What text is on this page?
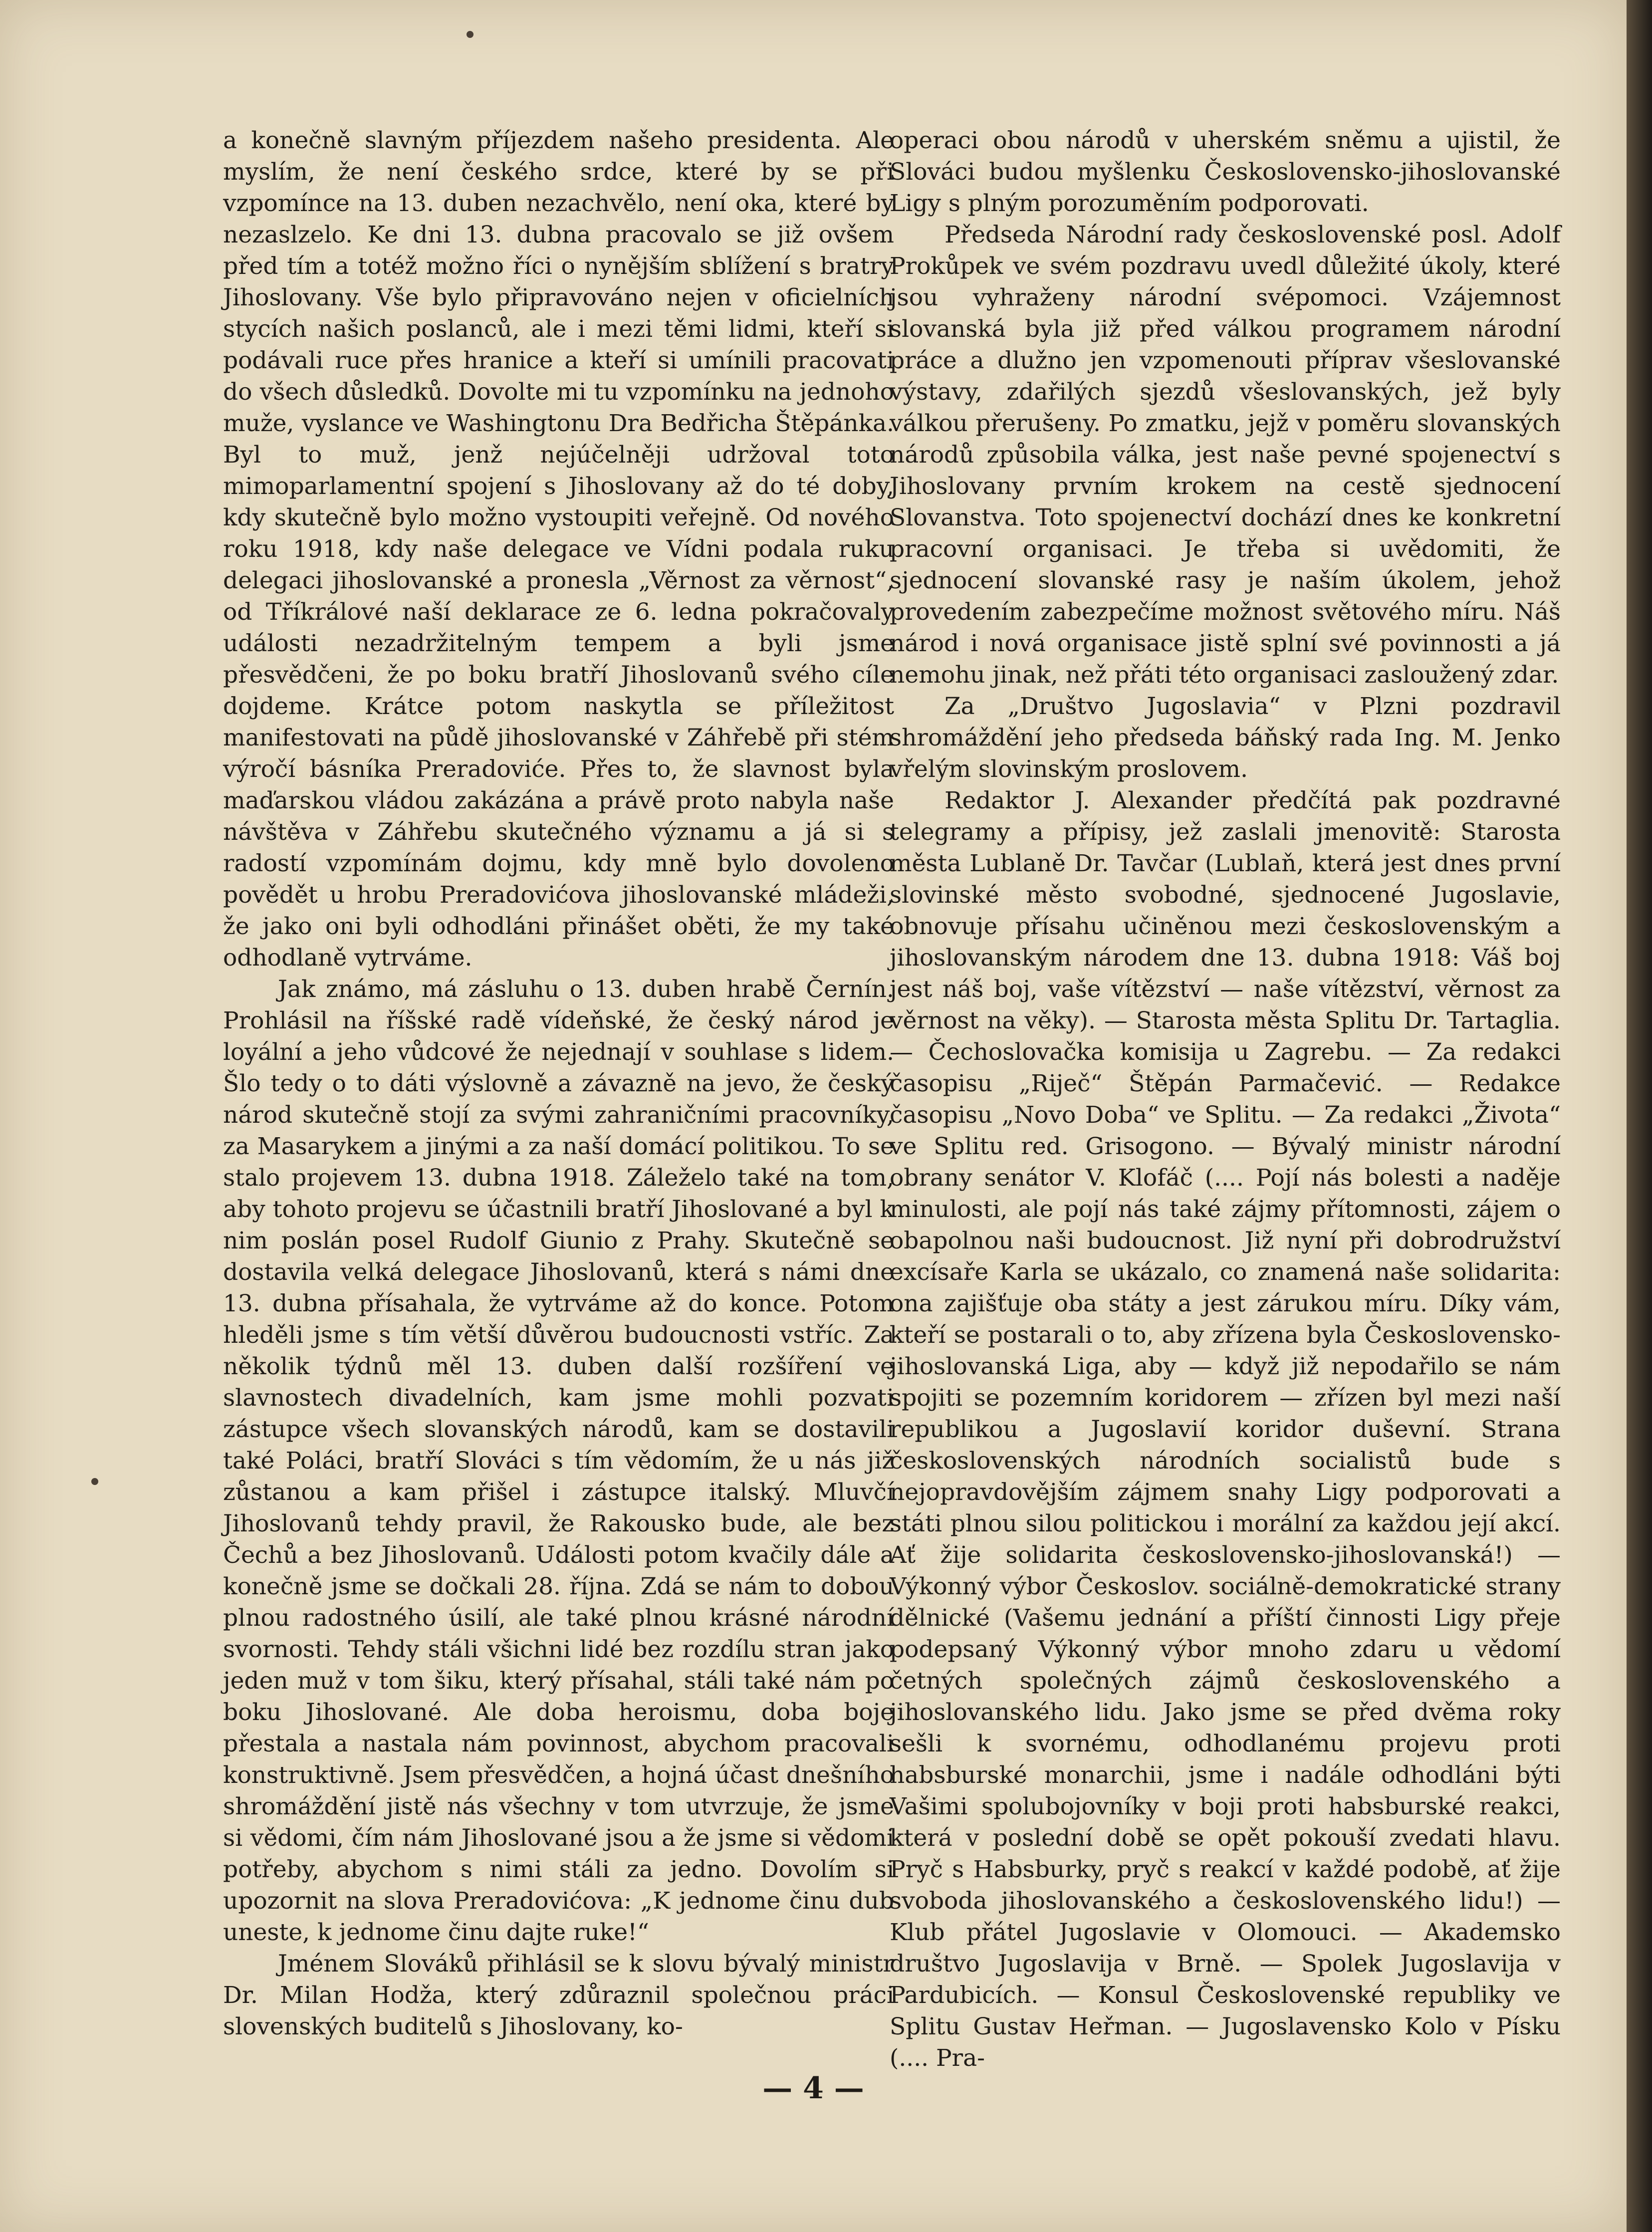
a konečně slavným příjezdem našeho presidenta. Ale myslím, že není českého srdce, které by se při vzpomínce na 13. duben nezachvělo, není oka, které by nezaslzelo. Ke dni 13. dubna pracovalo se již ovšem před tím a totéž možno říci o nynějším sblížení s bratry Jihoslovany. Vše bylo připravováno nejen v oficielních stycích našich poslanců, ale i mezi těmi lidmi, kteří si podávali ruce přes hranice a kteří si umínili pracovati do všech důsledků. Dovolte mi tu vzpomínku na jednoho muže, vyslance ve Washingtonu Dra Bedřicha Štěpánka. Byl to muž, jenž nejúčelněji udržoval toto mimoparlamentní spojení s Jihoslovany až do té doby, kdy skutečně bylo možno vystoupiti veřejně. Od nového roku 1918, kdy naše delegace ve Vídni podala ruku delegaci jihoslovanské a pronesla „Věrnost za věrnost“, od Tříkrálové naší deklarace ze 6. ledna pokračovaly události nezadržitelným tempem a byli jsme přesvědčeni, že po boku bratří Jihoslovanů svého cíle dojdeme. Krátce potom naskytla se příležitost manifestovati na půdě jihoslovanské v Záhřebě při stém výročí básníka Preradoviće. Přes to, že slavnost byla maďarskou vládou zakázána a právě proto nabyla naše návštěva v Záhřebu skutečného významu a já si s radostí vzpomínám dojmu, kdy mně bylo dovoleno povědět u hrobu Preradovićova jihoslovanské mládeži, že jako oni byli odhodláni přinášet oběti, že my také odhodlaně vytrváme.

Jak známo, má zásluhu o 13. duben hrabě Černín. Prohlásil na říšské radě vídeňské, že český národ je loyální a jeho vůdcové že nejednají v souhlase s lidem. Šlo tedy o to dáti výslovně a závazně na jevo, že český národ skutečně stojí za svými zahraničními pracovníky, za Masarykem a jinými a za naší domácí politikou. To se stalo projevem 13. dubna 1918. Záleželo také na tom, aby tohoto projevu se účastnili bratří Jihoslované a byl k nim poslán posel Rudolf Giunio z Prahy. Skutečně se dostavila velká delegace Jihoslovanů, která s námi dne 13. dubna přísahala, že vytrváme až do konce. Potom hleděli jsme s tím větší důvěrou budoucnosti vstříc. Za několik týdnů měl 13. duben další rozšíření ve slavnostech divadelních, kam jsme mohli pozvati zástupce všech slovanských národů, kam se dostavili také Poláci, bratří Slováci s tím vědomím, že u nás již zůstanou a kam přišel i zástupce italský. Mluvčí Jihoslovanů tehdy pravil, že Rakousko bude, ale bez Čechů a bez Jihoslovanů. Události potom kvačily dále a konečně jsme se dočkali 28. října. Zdá se nám to dobou plnou radostného úsilí, ale také plnou krásné národní svornosti. Tehdy stáli všichni lidé bez rozdílu stran jako jeden muž v tom šiku, který přísahal, stáli také nám po boku Jihoslované. Ale doba heroismu, doba boje přestala a nastala nám povinnost, abychom pracovali konstruktivně. Jsem přesvědčen, a hojná účast dnešního shromáždění jistě nás všechny v tom utvrzuje, že jsme si vědomi, čím nám Jihoslované jsou a že jsme si vědomi potřeby, abychom s nimi stáli za jedno. Dovolím si upozornit na slova Preradovićova: „K jednome činu dub uneste, k jednome činu dajte ruke!“

Jménem Slováků přihlásil se k slovu bývalý ministr Dr. Milan Hodža, který zdůraznil společnou práci slovenských buditelů s Jihoslovany, ko-

operaci obou národů v uherském sněmu a ujistil, že Slováci budou myšlenku Československo-jihoslovanské Ligy s plným porozuměním podporovati.

Předseda Národní rady československé posl. Adolf Prokůpek ve svém pozdravu uvedl důležité úkoly, které jsou vyhraženy národní svépomoci. Vzájemnost slovanská byla již před válkou programem národní práce a dlužno jen vzpomenouti příprav všeslovanské výstavy, zdařilých sjezdů všeslovanských, jež byly válkou přerušeny. Po zmatku, jejž v poměru slovanských národů způsobila válka, jest naše pevné spojenectví s Jihoslovany prvním krokem na cestě sjednocení Slovanstva. Toto spojenectví dochází dnes ke konkretní pracovní organisaci. Je třeba si uvědomiti, že sjednocení slovanské rasy je naším úkolem, jehož provedením zabezpečíme možnost světového míru. Náš národ i nová organisace jistě splní své povinnosti a já nemohu jinak, než přáti této organisaci zasloužený zdar.

Za „Društvo Jugoslavia“ v Plzni pozdravil shromáždění jeho předseda báňský rada Ing. M. Jenko vřelým slovinským proslovem.

Redaktor J. Alexander předčítá pak pozdravné telegramy a přípisy, jež zaslali jmenovitě: Starosta města Lublaně Dr. Tavčar (Lublaň, která jest dnes první slovinské město svobodné, sjednocené Jugoslavie, obnovuje přísahu učiněnou mezi československým a jihoslovanským národem dne 13. dubna 1918: Váš boj jest náš boj, vaše vítězství — naše vítězství, věrnost za věrnost na věky). — Starosta města Splitu Dr. Tartaglia. — Čechoslovačka komisija u Zagrebu. — Za redakci časopisu „Riječ“ Štěpán Parmačević. — Redakce časopisu „Novo Doba“ ve Splitu. — Za redakci „Života“ ve Splitu red. Grisogono. — Bývalý ministr národní obrany senátor V. Klofáč (.... Pojí nás bolesti a naděje minulosti, ale pojí nás také zájmy přítomnosti, zájem o obapolnou naši budoucnost. Již nyní při dobrodružství excísaře Karla se ukázalo, co znamená naše solidarita: ona zajišťuje oba státy a jest zárukou míru. Díky vám, kteří se postarali o to, aby zřízena byla Československo-jihoslovanská Liga, aby — když již nepodařilo se nám spojiti se pozemním koridorem — zřízen byl mezi naší republikou a Jugoslavií koridor duševní. Strana československých národních socialistů bude s nejopravdovějším zájmem snahy Ligy podporovati a státi plnou silou politickou i morální za každou její akcí. Ať žije solidarita československo-jihoslovanská!) — Výkonný výbor Českoslov. sociálně-demokratické strany dělnické (Vašemu jednání a příští činnosti Ligy přeje podepsaný Výkonný výbor mnoho zdaru u vědomí četných společných zájmů československého a jihoslovanského lidu. Jako jsme se před dvěma roky sešli k svornému, odhodlanému projevu proti habsburské monarchii, jsme i nadále odhodláni býti Vašimi spolubojovníky v boji proti habsburské reakci, která v poslední době se opět pokouší zvedati hlavu. Pryč s Habsburky, pryč s reakcí v každé podobě, ať žije svoboda jihoslovanského a československého lidu!) — Klub přátel Jugoslavie v Olomouci. — Akademsko društvo Jugoslavija v Brně. — Spolek Jugoslavija v Pardubicích. — Konsul Československé republiky ve Splitu Gustav Heřman. — Jugoslavensko Kolo v Písku (.... Pra-

— 4 —
